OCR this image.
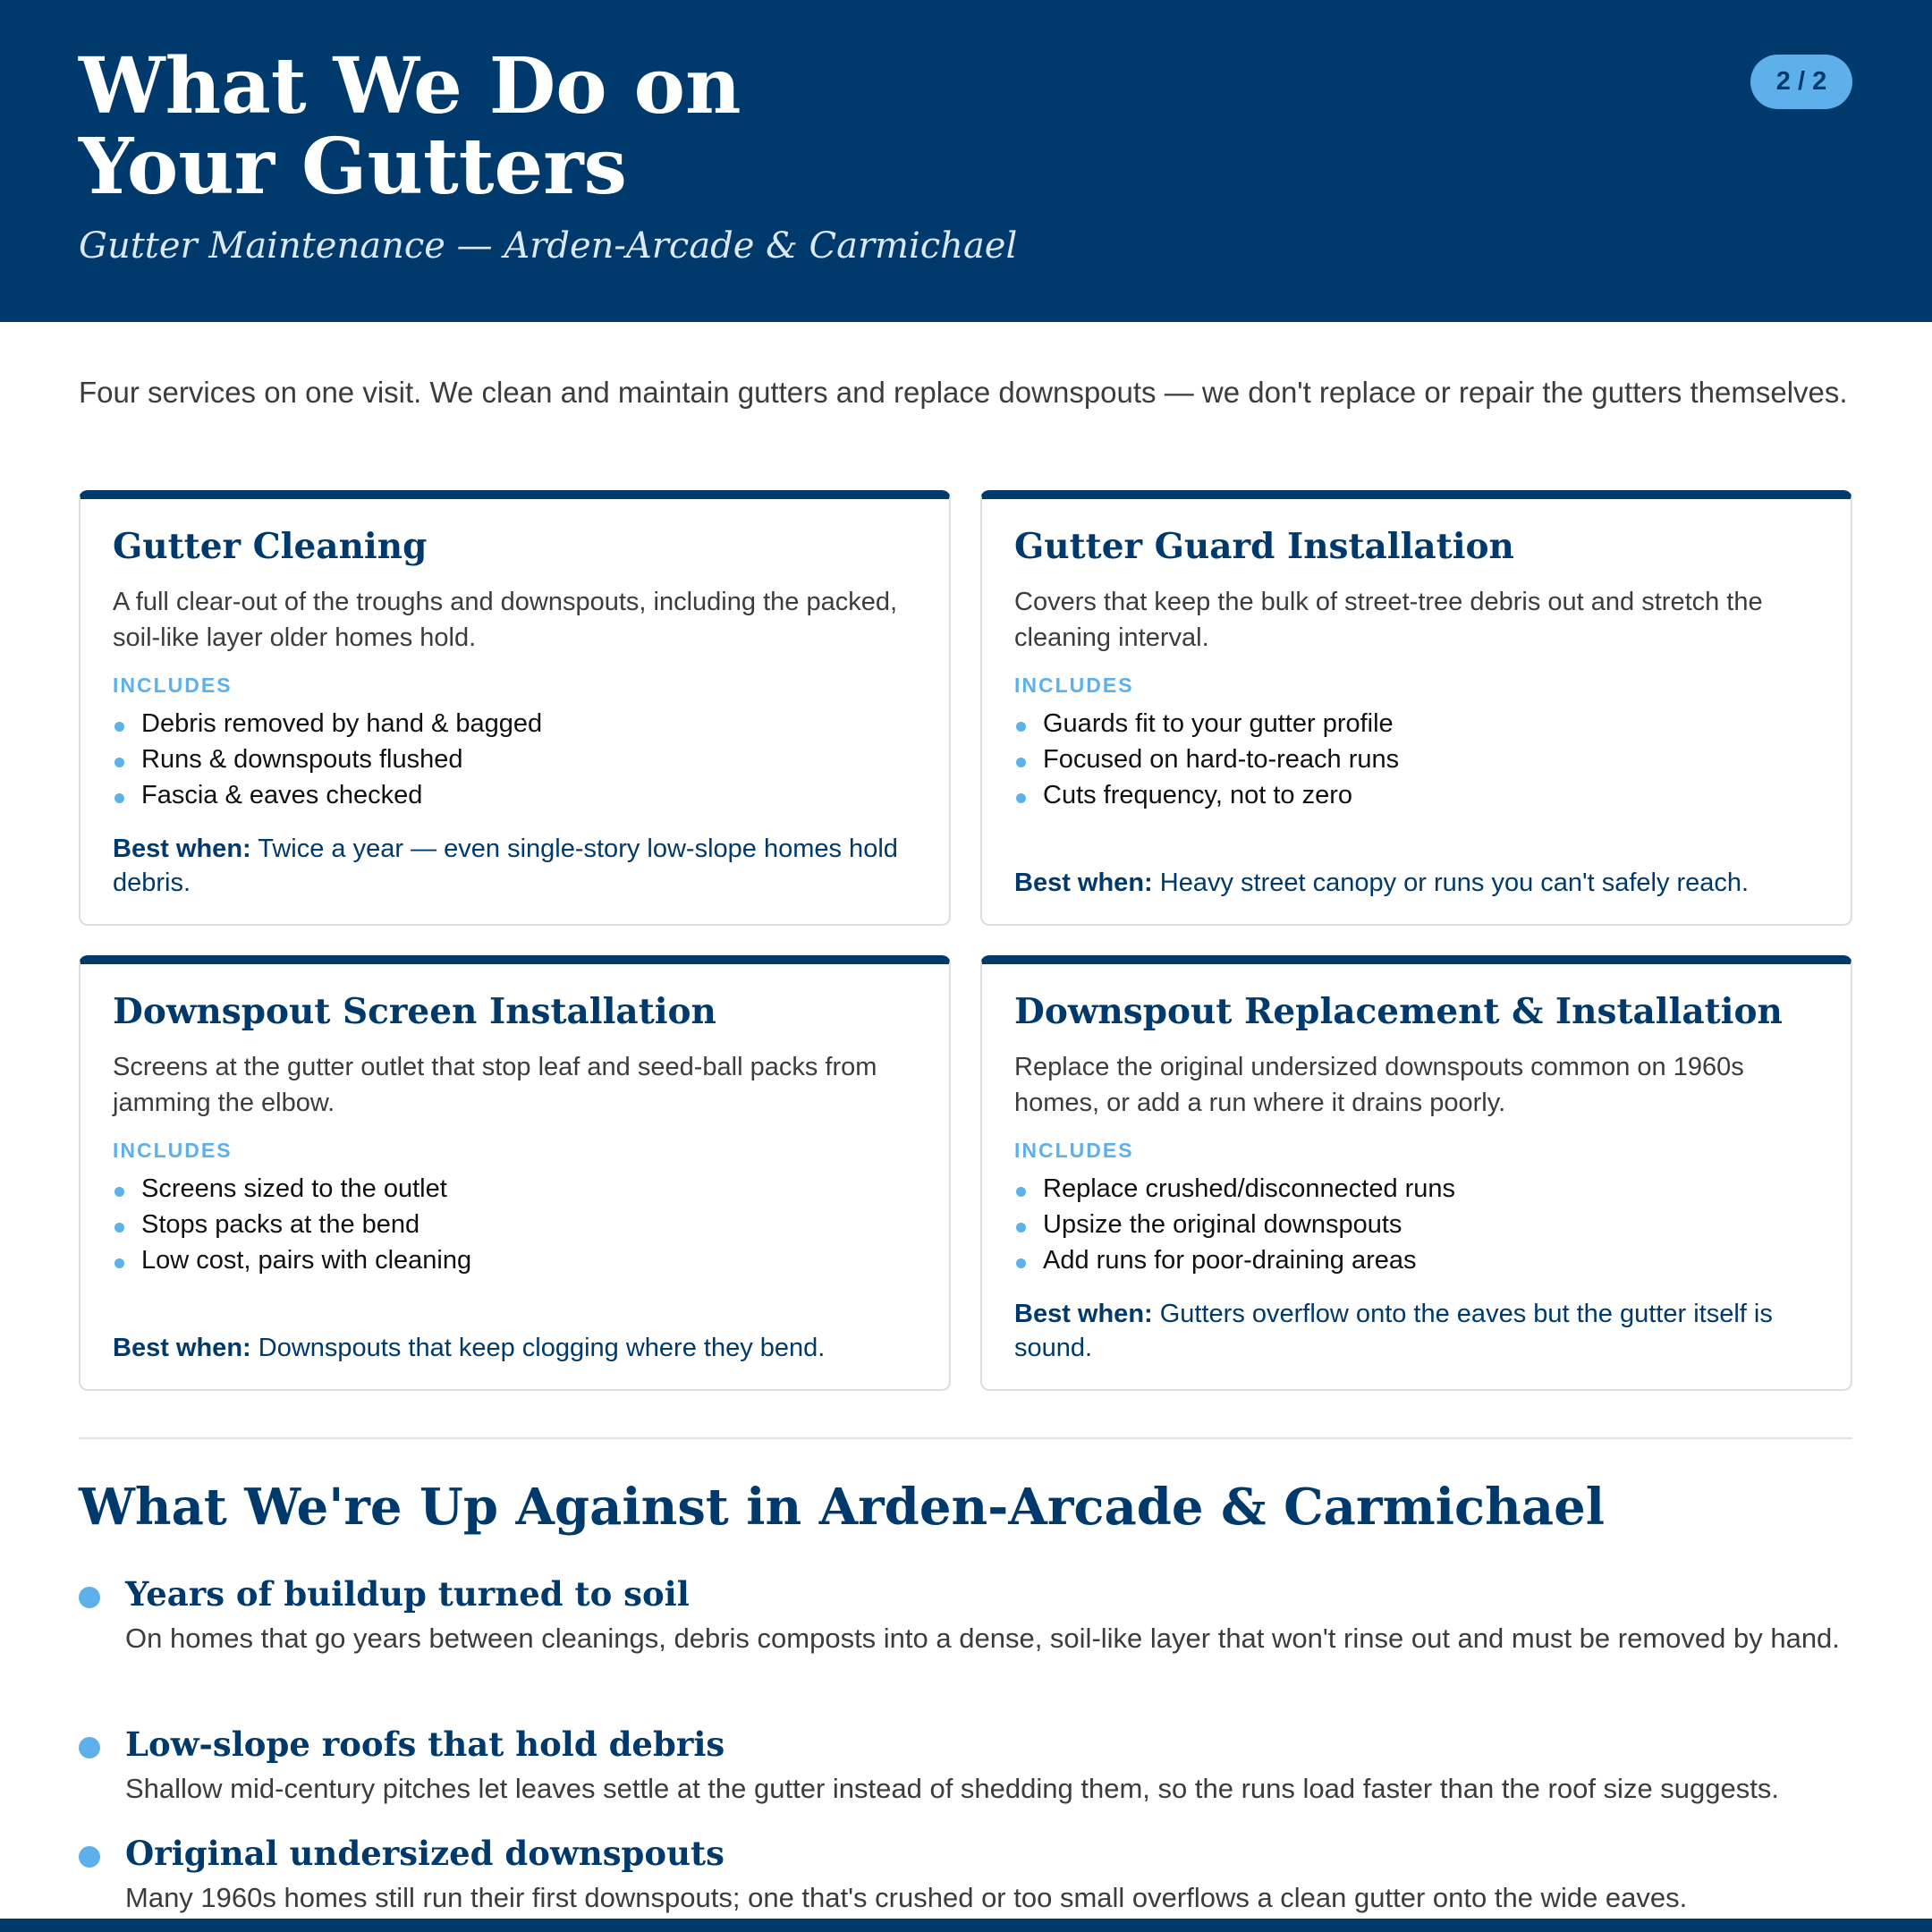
What We Do on
Your Gutters
Gutter Maintenance — Arden-Arcade & Carmichael
2 / 2

Four services on one visit. We clean and maintain gutters and replace downspouts — we don't replace or repair the gutters themselves.

Gutter Cleaning
A full clear-out of the troughs and downspouts, including the packed, soil-like layer older homes hold.
INCLUDES
Debris removed by hand & bagged
Runs & downspouts flushed
Fascia & eaves checked
Best when: Twice a year — even single-story low-slope homes hold debris.
Gutter Guard Installation
Covers that keep the bulk of street-tree debris out and stretch the cleaning interval.
INCLUDES
Guards fit to your gutter profile
Focused on hard-to-reach runs
Cuts frequency, not to zero
Best when: Heavy street canopy or runs you can't safely reach.
Downspout Screen Installation
Screens at the gutter outlet that stop leaf and seed-ball packs from jamming the elbow.
INCLUDES
Screens sized to the outlet
Stops packs at the bend
Low cost, pairs with cleaning
Best when: Downspouts that keep clogging where they bend.
Downspout Replacement & Installation
Replace the original undersized downspouts common on 1960s homes, or add a run where it drains poorly.
INCLUDES
Replace crushed/disconnected runs
Upsize the original downspouts
Add runs for poor-draining areas
Best when: Gutters overflow onto the eaves but the gutter itself is sound.
What We're Up Against in Arden-Arcade & Carmichael
Years of buildup turned to soil
On homes that go years between cleanings, debris composts into a dense, soil-like layer that won't rinse out and must be removed by hand.
Low-slope roofs that hold debris
Shallow mid-century pitches let leaves settle at the gutter instead of shedding them, so the runs load faster than the roof size suggests.
Original undersized downspouts
Many 1960s homes still run their first downspouts; one that's crushed or too small overflows a clean gutter onto the wide eaves.
